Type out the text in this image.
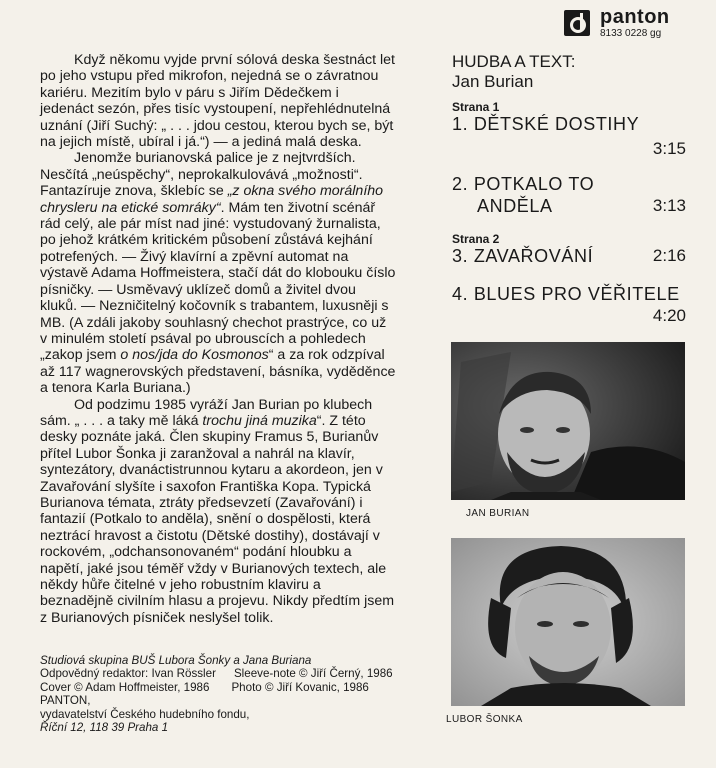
panton
8133 0228 gg

Když někomu vyjde první sólová deska šestnáct let po jeho vstupu před mikrofon, nejedná se o závratnou kariéru. Mezitím bylo v páru s Jiřím Dědečkem i jedenáct sezón, přes tisíc vystoupení, nepřehlédnutelná uznání (Jiří Suchý: „ . . . jdou cestou, kterou bych se, být na jejich místě, ubíral i já.“) — a jediná malá deska.

Jenomže burianovská palice je z nejtvrdších. Nesčítá „neúspěchy“, neprokalkulovává „možnosti“. Fantazíruje znova, šklebíc se „z okna svého morálního chrysleru na etické somráky“. Mám ten životní scénář rád celý, ale pár míst nad jiné: vystudovaný žurnalista, po jehož krátkém kritickém působení zůstává kejhání potrefených. — Živý klavírní a zpěvní automat na výstavě Adama Hoffmeistera, stačí dát do klobouku číslo písničky. — Usměvavý uklízeč domů a živitel dvou kluků. — Nezničitelný kočovník s trabantem, luxusněji s MB. (A zdáli jakoby souhlasný chechot prastrýce, co už v minulém století psával po ubrouscích a pohledech „zakop jsem o nos/jda do Kosmonos“ a za rok odzpíval až 117 wagnerovských představení, básníka, vyděděnce a tenora Karla Buriana.)

Od podzimu 1985 vyráží Jan Burian po klubech sám. „ . . . a taky mě láká trochu jiná muzika“. Z této desky poznáte jaká. Člen skupiny Framus 5, Burianův přítel Lubor Šonka ji zaranžoval a nahrál na klavír, syntezátory, dvanáctistrunnou kytaru a akordeon, jen v Zavařování slyšíte i saxofon Františka Kopa. Typická Burianova témata, ztráty předsevzetí (Zavařování) i fantazií (Potkalo to anděla), snění o dospělosti, která neztrácí hravost a čistotu (Dětské dostihy), dostávají v rockovém, „odchansonovaném“ podání hloubku a napětí, jaké jsou téměř vždy v Burianových textech, ale někdy hůře čitelné v jeho robustním klaviru a beznadějně civilním hlasu a projevu. Nikdy předtím jsem z Burianových písniček neslyšel tolik.

Studiová skupina BUŠ Lubora Šonky a Jana Buriana
Odpovědný redaktor: Ivan Rössler Sleeve-note © Jiří Černý, 1986
Cover © Adam Hoffmeister, 1986 Photo © Jiří Kovanic, 1986
PANTON,
vydavatelství Českého hudebního fondu,
Říční 12, 118 39 Praha 1
HUDBA A TEXT:
Jan Burian
Strana 1
1. DĚTSKÉ DOSTIHY
3:15
2. POTKALO TO
ANDĚLA	3:13
Strana 2
3. ZAVAŘOVÁNÍ	2:16
4. BLUES PRO VĚŘITELE
4:20
JAN BURIAN
LUBOR ŠONKA
